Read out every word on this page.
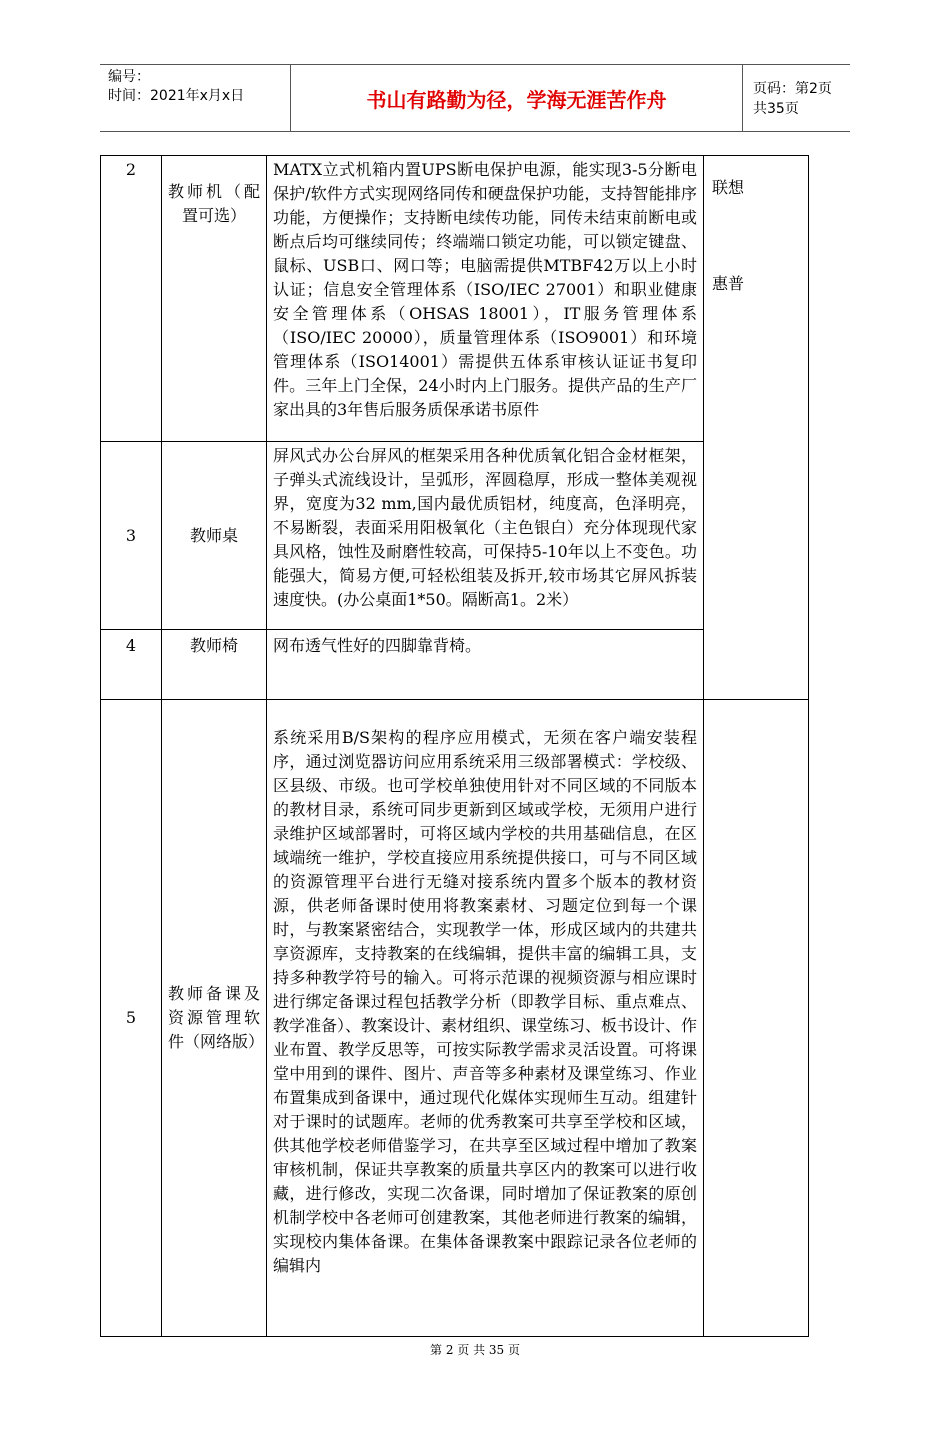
编号：
时间：2021年x月x日	书山有路勤为径，学海无涯苦作舟	页码：第2页 共35页
2	教师机（配置可选）	MATX立式机箱内置UPS断电保护电源，能实现3-5分断电保护/软件方式实现网络同传和硬盘保护功能，支持智能排序功能，方便操作；支持断电续传功能，同传未结束前断电或断点后均可继续同传；终端端口锁定功能，可以锁定键盘、鼠标、USB口、网口等；电脑需提供MTBF42万以上小时认证；信息安全管理体系（ISO/IEC 27001）和职业健康安全管理体系（OHSAS 18001），IT服务管理体系（ISO/IEC 20000），质量管理体系（ISO9001）和环境管理体系（ISO14001）需提供五体系审核认证证书复印件。三年上门全保，24小时内上门服务。提供产品的生产厂家出具的3年售后服务质保承诺书原件	联想
惠普

3	教师桌	屏风式办公台屏风的框架采用各种优质氧化铝合金材框架，子弹头式流线设计，呈弧形，浑圆稳厚，形成一整体美观视界，宽度为32 mm,国内最优质铝材，纯度高，色泽明亮，不易断裂，表面采用阳极氧化（主色银白）充分体现现代家具风格，蚀性及耐磨性较高，可保持5-10年以上不变色。功能强大，简易方便,可轻松组装及拆开,较市场其它屏风拆装速度快。(办公桌面1*50。隔断高1。2米）	

4	教师椅	网布透气性好的四脚靠背椅。	

5	教师备课及资源管理软件（网络版）	系统采用B/S架构的程序应用模式，无须在客户端安装程序，通过浏览器访问应用系统采用三级部署模式：学校级、区县级、市级。也可学校单独使用针对不同区域的不同版本的教材目录，系统可同步更新到区域或学校，无须用户进行录维护区域部署时，可将区域内学校的共用基础信息，在区域端统一维护，学校直接应用系统提供接口，可与不同区域的资源管理平台进行无缝对接系统内置多个版本的教材资源，供老师备课时使用将教案素材、习题定位到每一个课时，与教案紧密结合，实现教学一体，形成区域内的共建共享资源库，支持教案的在线编辑，提供丰富的编辑工具，支持多种教学符号的输入。可将示范课的视频资源与相应课时进行绑定备课过程包括教学分析（即教学目标、重点难点、教学准备）、教案设计、素材组织、课堂练习、板书设计、作业布置、教学反思等，可按实际教学需求灵活设置。可将课堂中用到的课件、图片、声音等多种素材及课堂练习、作业布置集成到备课中，通过现代化媒体实现师生互动。组建针对于课时的试题库。老师的优秀教案可共享至学校和区域，供其他学校老师借鉴学习，在共享至区域过程中增加了教案审核机制，保证共享教案的质量共享区内的教案可以进行收藏，进行修改，实现二次备课，同时增加了保证教案的原创机制学校中各老师可创建教案，其他老师进行教案的编辑，实现校内集体备课。在集体备课教案中跟踪记录各位老师的编辑内	

第 2 页 共 35 页
